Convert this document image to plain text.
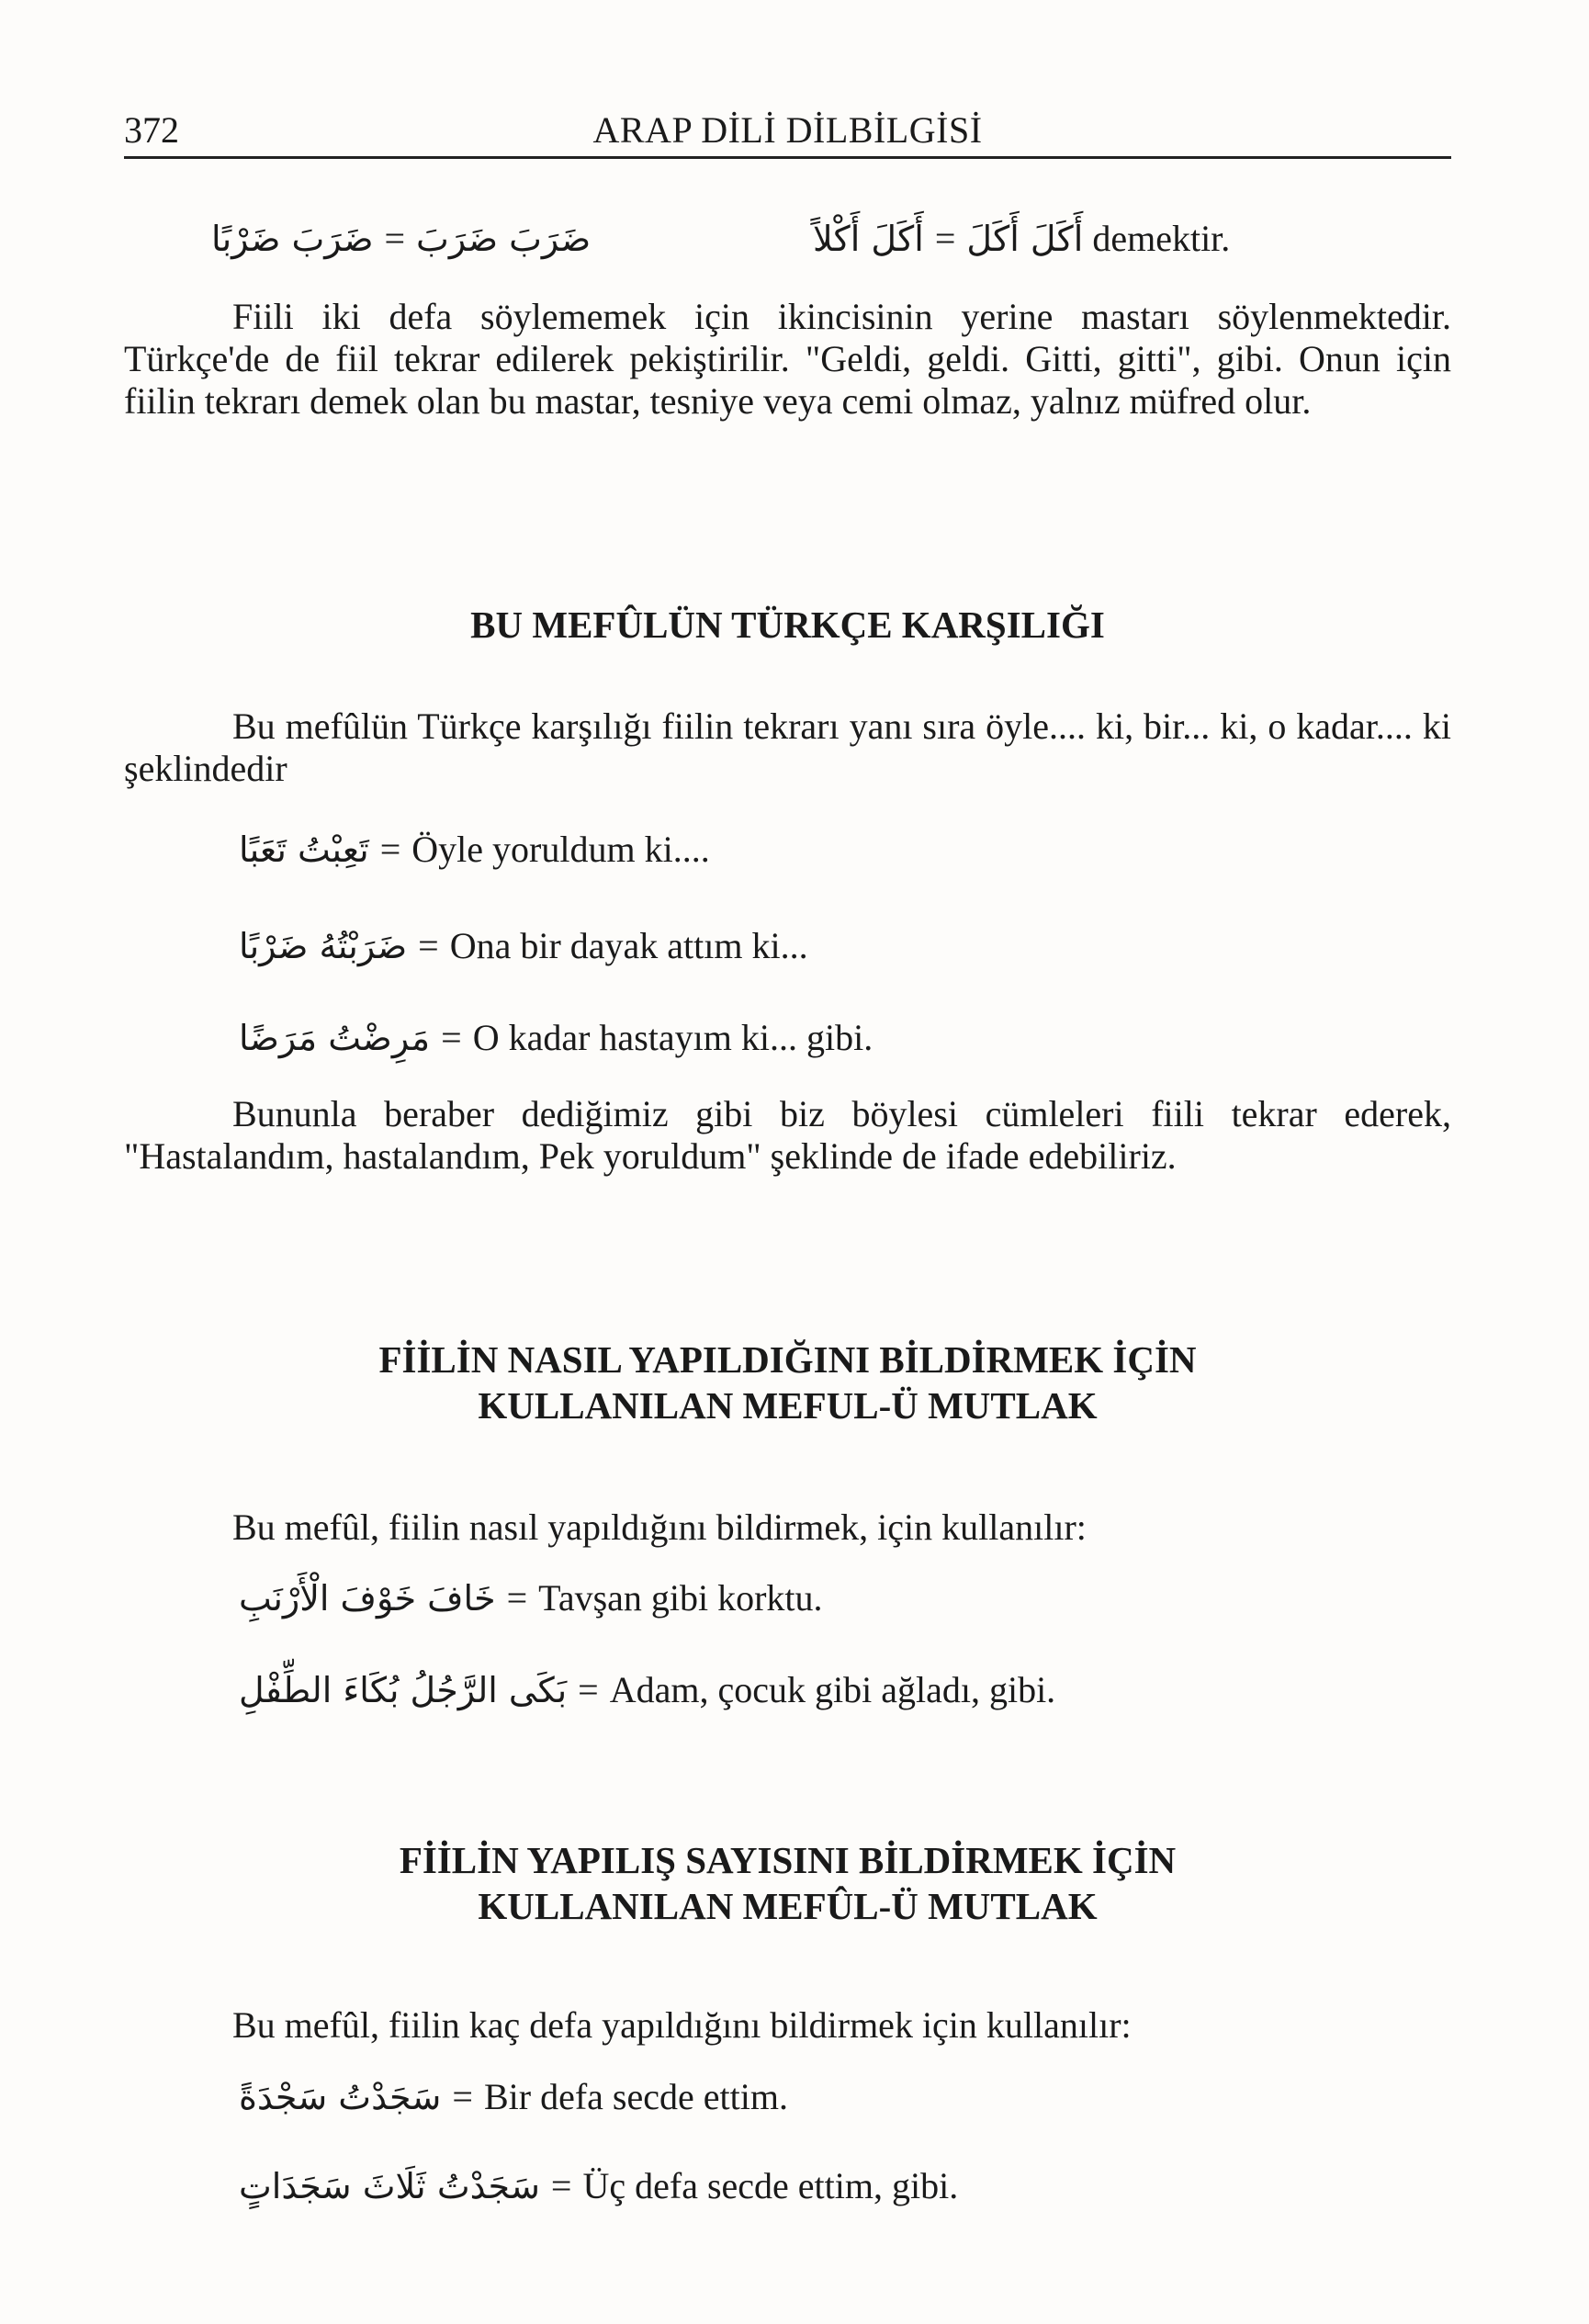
372	ARAP DİLİ DİLBİLGİSİ
ضَرَبَ ضَرْبًا = ضَرَبَ ضَرَبَ	أَكَلَ أَكْلاً = أَكَلَ أَكَلَ demektir.

Fiili iki defa söylememek için ikincisinin yerine mastarı söylenmektedir. Türkçe'de de fiil tekrar edilerek pekiştirilir. "Geldi, geldi. Gitti, gitti", gibi. Onun için fiilin tekrarı demek olan bu mastar, tesniye veya cemi olmaz, yalnız müfred olur.

BU MEFÛLÜN TÜRKÇE KARŞILIĞI

Bu mefûlün Türkçe karşılığı fiilin tekrarı yanı sıra öyle.... ki, bir... ki, o kadar.... ki şeklindedir

تَعِبْتُ تَعَبًا = Öyle yoruldum ki....
ضَرَبْتُهُ ضَرْبًا = Ona bir dayak attım ki...
مَرِضْتُ مَرَضًا = O kadar hastayım ki... gibi.

Bununla beraber dediğimiz gibi biz böylesi cümleleri fiili tekrar ederek, "Hastalandım, hastalandım, Pek yoruldum" şeklinde de ifade edebiliriz.

FİİLİN NASIL YAPILDIĞINI BİLDİRMEK İÇİN

KULLANILAN MEFUL-Ü MUTLAK

Bu mefûl, fiilin nasıl yapıldığını bildirmek, için kullanılır:

خَافَ خَوْفَ الْأَرْنَبِ = Tavşan gibi korktu.
بَكَى الرَّجُلُ بُكَاءَ الطِّفْلِ = Adam, çocuk gibi ağladı, gibi.

FİİLİN YAPILIŞ SAYISINI BİLDİRMEK İÇİN

KULLANILAN MEFÛL-Ü MUTLAK

Bu mefûl, fiilin kaç defa yapıldığını bildirmek için kullanılır:

سَجَدْتُ سَجْدَةً = Bir defa secde ettim.
سَجَدْتُ ثَلَاثَ سَجَدَاتٍ = Üç defa secde ettim, gibi.
